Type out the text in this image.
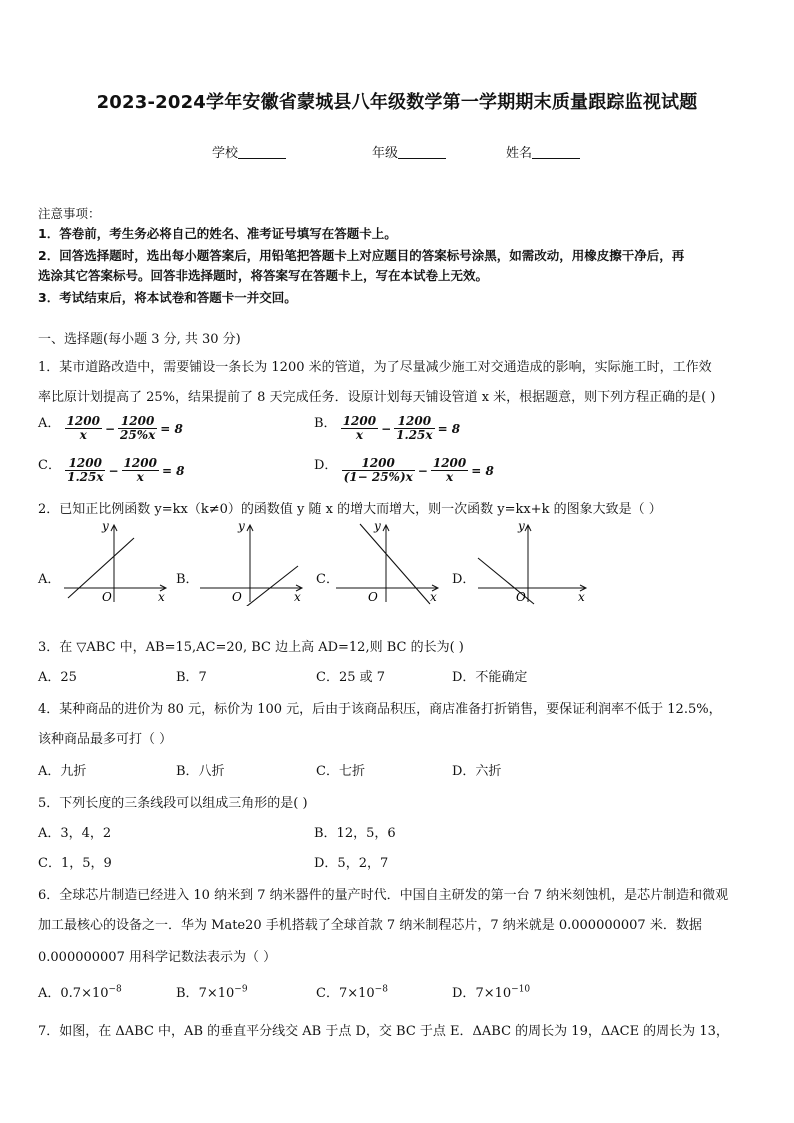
2023-2024学年安徽省蒙城县八年级数学第一学期期末质量跟踪监视试题
学校	年级	姓名
注意事项：
1．答卷前，考生务必将自己的姓名、准考证号填写在答题卡上。
2．回答选择题时，选出每小题答案后，用铅笔把答题卡上对应题目的答案标号涂黑，如需改动，用橡皮擦干净后，再
选涂其它答案标号。回答非选择题时，将答案写在答题卡上，写在本试卷上无效。
3．考试结束后，将本试卷和答题卡一并交回。
一、选择题(每小题 3 分, 共 30 分)
1．某市道路改造中，需要铺设一条长为 1200 米的管道，为了尽量减少施工对交通造成的影响，实际施工时，工作效
率比原计划提高了 25%，结果提前了 8 天完成任务．设原计划每天铺设管道 x 米，根据题意，则下列方程正确的是( )
A． $\frac{1200}{x} - \frac{1200}{25\%x} = 8$	B． $\frac{1200}{x} - \frac{1200}{1.25x} = 8$
C． $\frac{1200}{1.25x} - \frac{1200}{x} = 8$	D． $\frac{1200}{(1- 25\%)x} - \frac{1200}{x} = 8$
2．已知正比例函数 y=kx（k≠0）的函数值 y 随 x 的增大而增大，则一次函数 y=kx+k 的图象大致是（ ）
A．	B．	C．	D．
y
x
O
y
x
O
y
x
O
y
x
O
3．在 ▽ABC 中，AB=15,AC=20, BC 边上高 AD=12,则 BC 的长为( )
A．25	B．7	C．25 或 7	D．不能确定
4．某种商品的进价为 80 元，标价为 100 元，后由于该商品积压，商店准备打折销售，要保证利润率不低于 12.5%，
该种商品最多可打（ ）
A．九折	B．八折	C．七折	D．六折
5．下列长度的三条线段可以组成三角形的是( )
A．3，4，2	B．12，5，6
C．1，5，9	D．5，2，7
6．全球芯片制造已经进入 10 纳米到 7 纳米器件的量产时代．中国自主研发的第一台 7 纳米刻蚀机，是芯片制造和微观
加工最核心的设备之一．华为 Mate20 手机搭载了全球首款 7 纳米制程芯片，7 纳米就是 0.000000007 米．数据
0.000000007 用科学记数法表示为（ ）
A．$0.7\times 10^{-8}$	B．$7\times 10^{-9}$	C．$7\times 10^{-8}$	D．$7\times 10^{-10}$
7．如图，在 ΔABC 中，AB 的垂直平分线交 AB 于点 D，交 BC 于点 E．ΔABC 的周长为 19，ΔACE 的周长为 13，
